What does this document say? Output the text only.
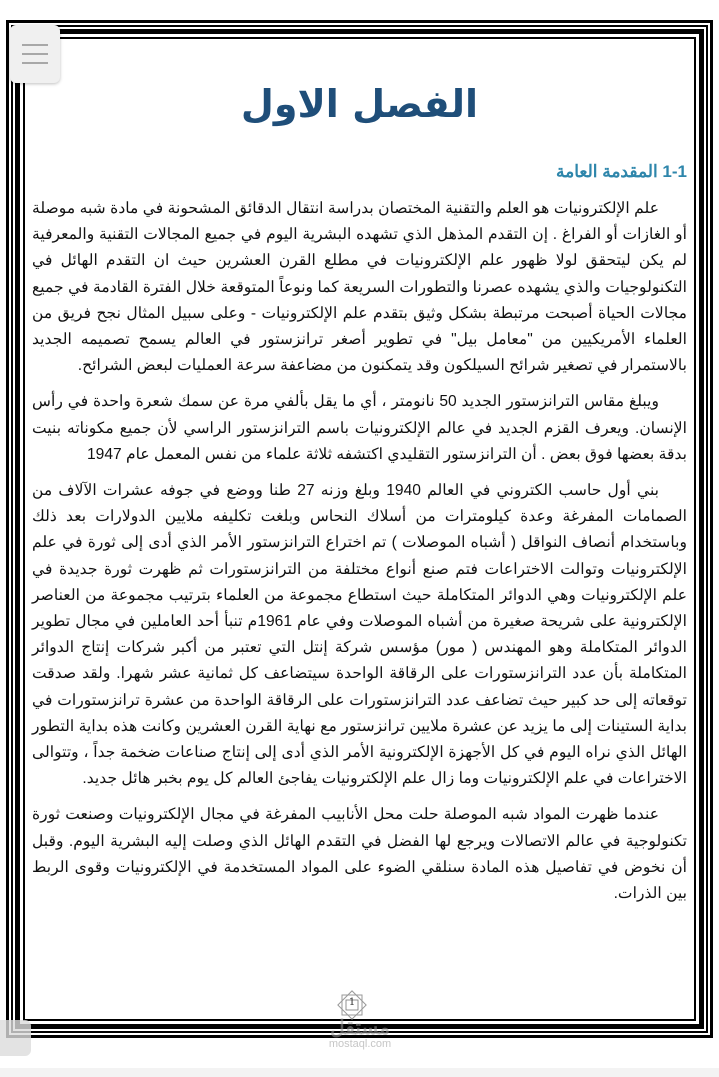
الفصل الاول
1-1 المقدمة العامة

علم الإلكترونيات هو العلم والتقنية المختصان بدراسة انتقال الدقائق المشحونة في مادة شبه موصلة أو الغازات أو الفراغ . إن التقدم المذهل الذي تشهده البشرية اليوم في جميع المجالات التقنية والمعرفية لم يكن ليتحقق لولا ظهور علم الإلكترونيات في مطلع القرن العشرين حيث ان التقدم الهائل في التكنولوجيات والذي يشهده عصرنا والتطورات السريعة كما ونوعاً المتوقعة خلال الفترة القادمة في جميع مجالات الحياة أصبحت مرتبطة بشكل وثيق بتقدم علم الإلكترونيات - وعلى سبيل المثال نجح فريق من العلماء الأمريكيين من "معامل بيل" في تطوير أصغر ترانزستور في العالم يسمح تصميمه الجديد بالاستمرار في تصغير شرائح السيلكون وقد يتمكنون من مضاعفة سرعة العمليات لبعض الشرائح.

ويبلغ مقاس الترانزستور الجديد 50 نانومتر ، أي ما يقل بألفي مرة عن سمك شعرة واحدة في رأس الإنسان. ويعرف القزم الجديد في عالم الإلكترونيات باسم الترانزستور الراسي لأن جميع مكوناته بنيت بدقة بعضها فوق بعض . أن الترانزستور التقليدي اكتشفه ثلاثة علماء من نفس المعمل عام 1947

بني أول حاسب الكتروني في العالم 1940 وبلغ وزنه 27 طنا ووضع في جوفه عشرات الآلاف من الصمامات المفرغة وعدة كيلومترات من أسلاك النحاس وبلغت تكليفه ملايين الدولارات بعد ذلك وباستخدام أنصاف النواقل ( أشباه الموصلات ) تم اختراع الترانزستور الأمر الذي أدى إلى ثورة في علم الإلكترونيات وتوالت الاختراعات فتم صنع أنواع مختلفة من الترانزستورات ثم ظهرت ثورة جديدة في علم الإلكترونيات وهي الدوائر المتكاملة حيث استطاع مجموعة من العلماء بترتيب مجموعة من العناصر الإلكترونية على شريحة صغيرة من أشباه الموصلات وفي عام 1961م تنبأ أحد العاملين في مجال تطوير الدوائر المتكاملة وهو المهندس ( مور) مؤسس شركة إنتل التي تعتبر من أكبر شركات إنتاج الدوائر المتكاملة بأن عدد الترانزستورات على الرقاقة الواحدة سيتضاعف كل ثمانية عشر شهرا. ولقد صدقت توقعاته إلى حد كبير حيث تضاعف عدد الترانزستورات على الرقاقة الواحدة من عشرة ترانزستورات في بداية الستينات إلى ما يزيد عن عشرة ملايين ترانزستور مع نهاية القرن العشرين وكانت هذه بداية التطور الهائل الذي نراه اليوم في كل الأجهزة الإلكترونية الأمر الذي أدى إلى إنتاج صناعات ضخمة جداً ، وتتوالى الاختراعات في علم الإلكترونيات وما زال علم الإلكترونيات يفاجئ العالم كل يوم بخبر هائل جديد.

عندما ظهرت المواد شبه الموصلة حلت محل الأنابيب المفرغة في مجال الإلكترونيات وصنعت ثورة تكنولوجية في عالم الاتصالات ويرجع لها الفضل في التقدم الهائل الذي وصلت إليه البشرية اليوم. وقبل أن نخوض في تفاصيل هذه المادة سنلقي الضوء على المواد المستخدمة في الإلكترونيات وقوى الربط بين الذرات.

1
مستقل
mostaql.com
